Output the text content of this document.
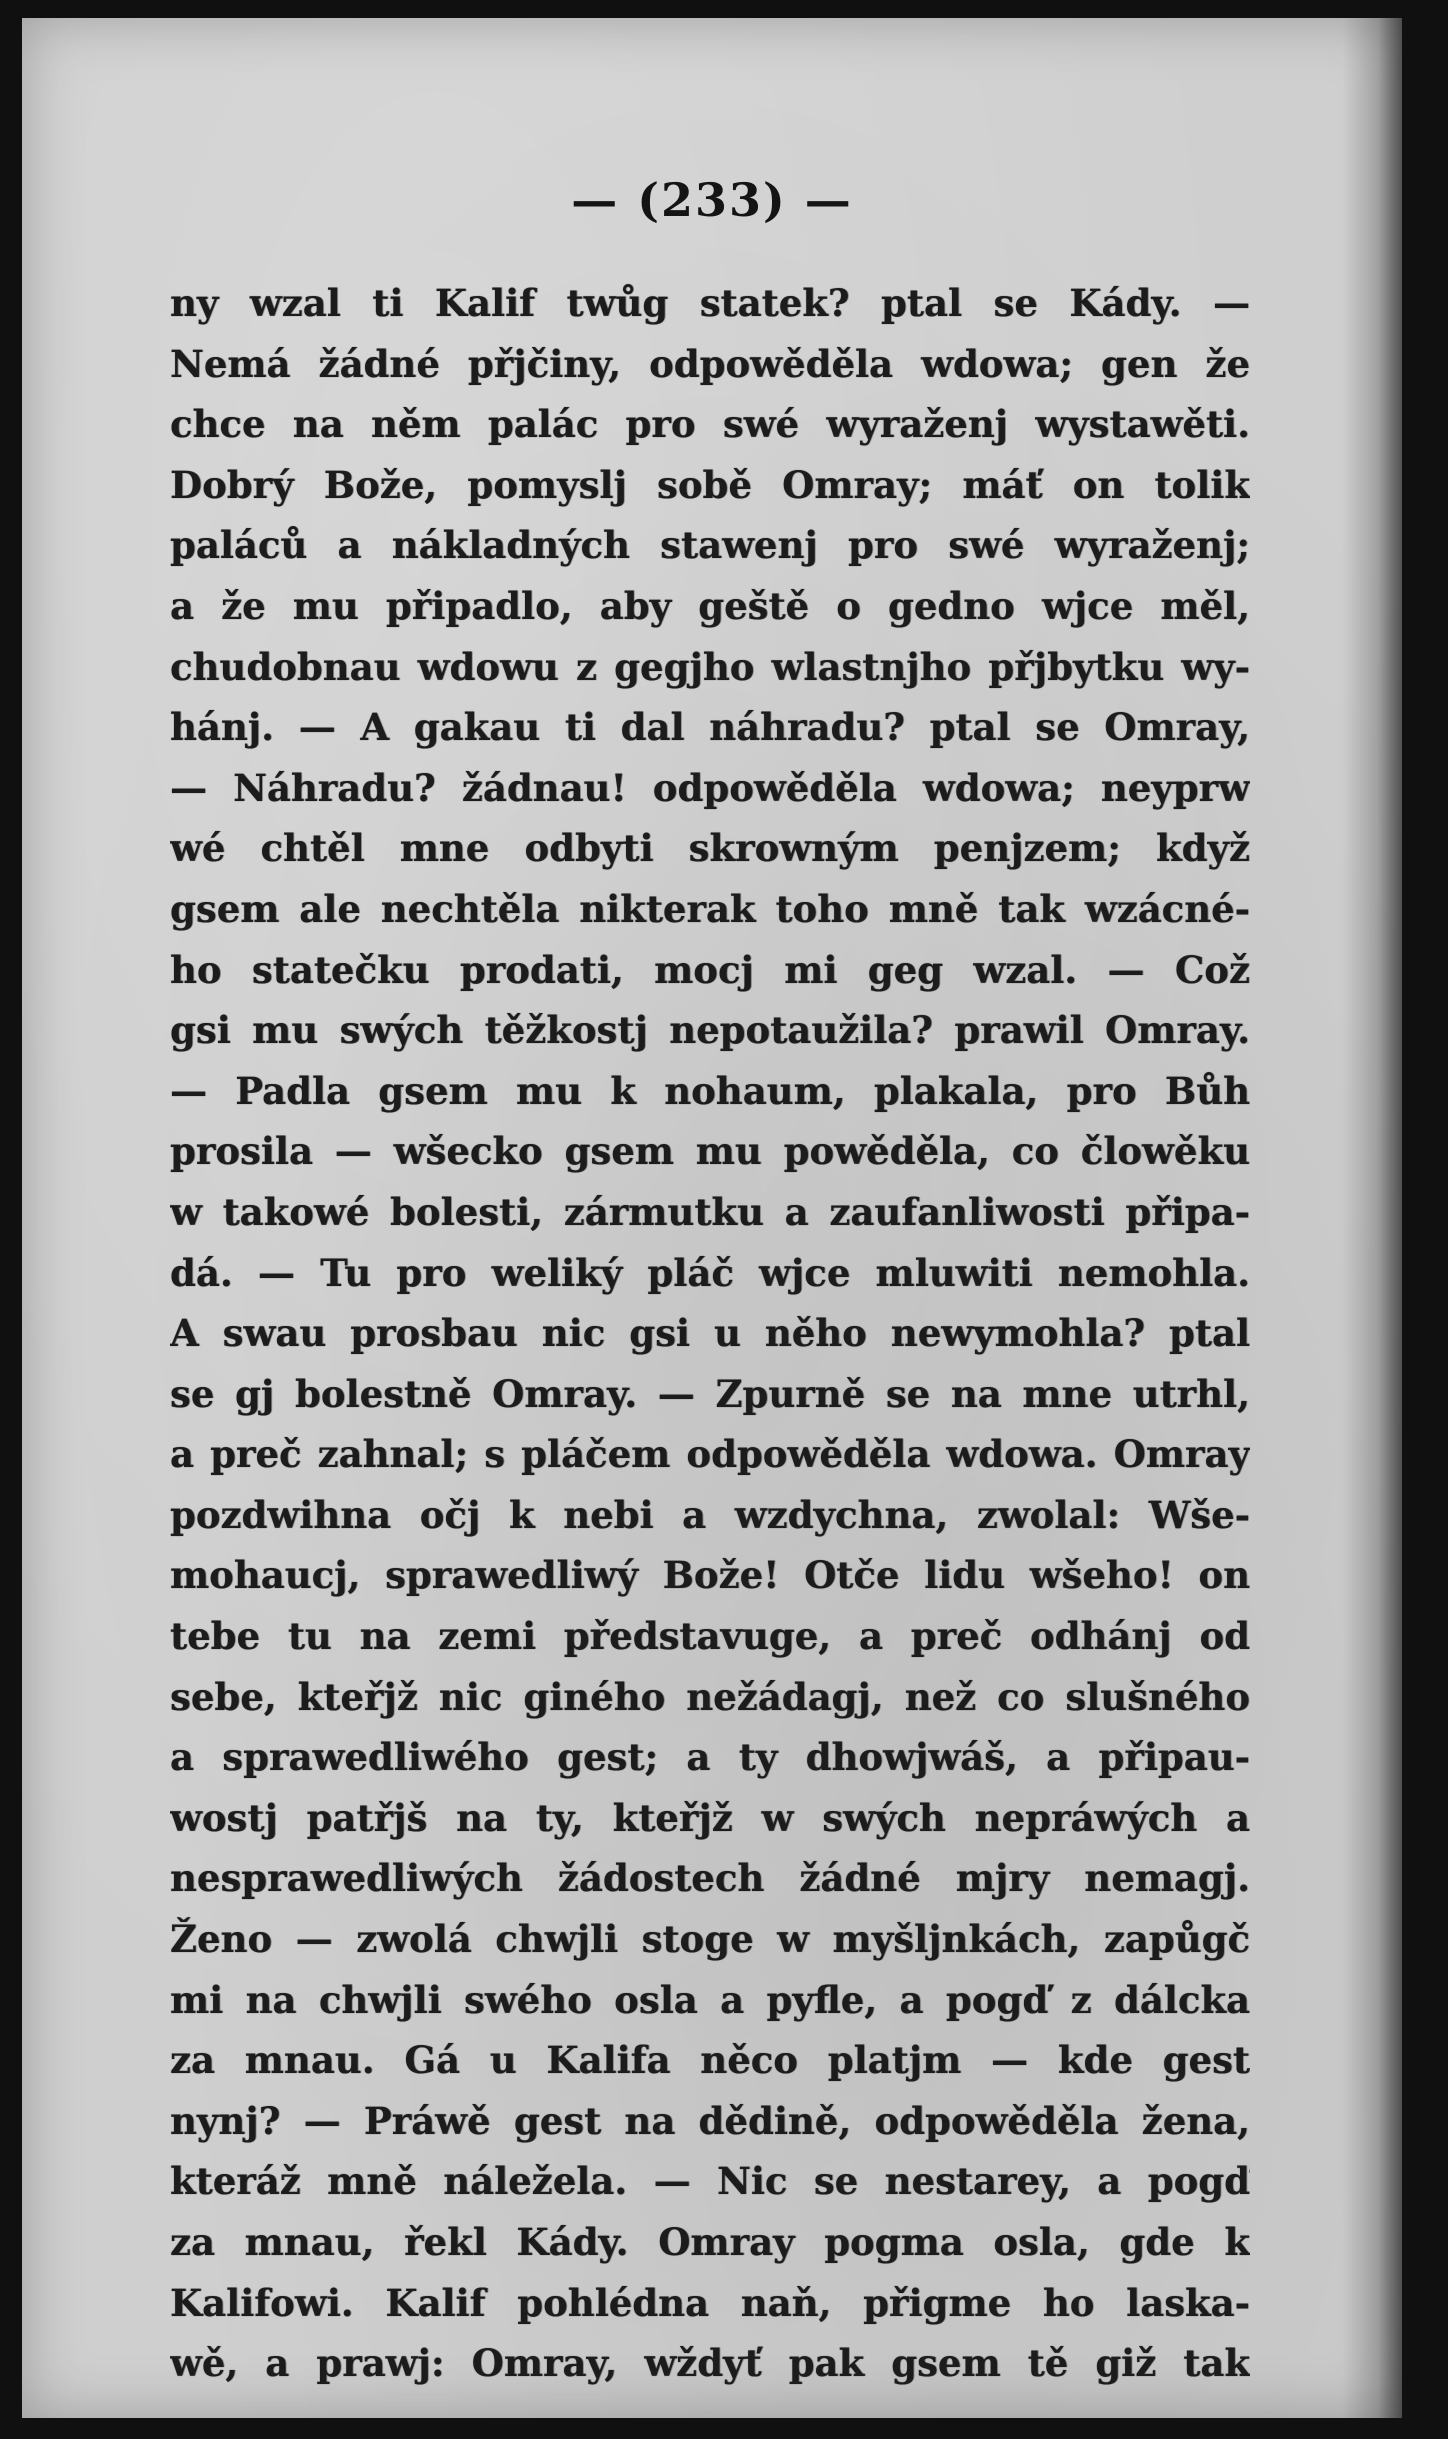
— (233) —
ny wzal ti Kalif twůg statek? ptal se Kády. —
Nemá žádné přjčiny, odpowěděla wdowa; gen že
chce na něm palác pro swé wyraženj wystawěti.
Dobrý Bože, pomyslj sobě Omray; máť on tolik
paláců a nákladných stawenj pro swé wyraženj;
a že mu připadlo, aby geště o gedno wjce měl,
chudobnau wdowu z gegjho wlastnjho přjbytku wy-
hánj. — A gakau ti dal náhradu? ptal se Omray,
— Náhradu? žádnau! odpowěděla wdowa; neyprw
wé chtěl mne odbyti skrowným penjzem; když
gsem ale nechtěla nikterak toho mně tak wzácné-
ho statečku prodati, mocj mi geg wzal. — Což
gsi mu swých těžkostj nepotaužila? prawil Omray.
— Padla gsem mu k nohaum, plakala, pro Bůh
prosila — wšecko gsem mu powěděla, co člowěku
w takowé bolesti, zármutku a zaufanliwosti připa-
dá. — Tu pro weliký pláč wjce mluwiti nemohla.
A swau prosbau nic gsi u něho newymohla? ptal
se gj bolestně Omray. — Zpurně se na mne utrhl,
a preč zahnal; s pláčem odpowěděla wdowa. Omray
pozdwihna očj k nebi a wzdychna, zwolal: Wše-
mohaucj, sprawedliwý Bože! Otče lidu wšeho! on
tebe tu na zemi představuge, a preč odhánj od
sebe, kteřjž nic giného nežádagj, než co slušného
a sprawedliwého gest; a ty dhowjwáš, a připau-
wostj patřjš na ty, kteřjž w swých nepráwých a
nesprawedliwých žádostech žádné mjry nemagj.
Ženo — zwolá chwjli stoge w myšljnkách, zapůgč
mi na chwjli swého osla a pyfle, a pogď z dálcka
za mnau. Gá u Kalifa něco platjm — kde gest
nynj? — Práwě gest na dědině, odpowěděla žena,
kteráž mně náležela. — Nic se nestarey, a pogď
za mnau, řekl Kády. Omray pogma osla, gde k
Kalifowi. Kalif pohlédna naň, přigme ho laska-
wě, a prawj: Omray, wždyť pak gsem tě giž tak
